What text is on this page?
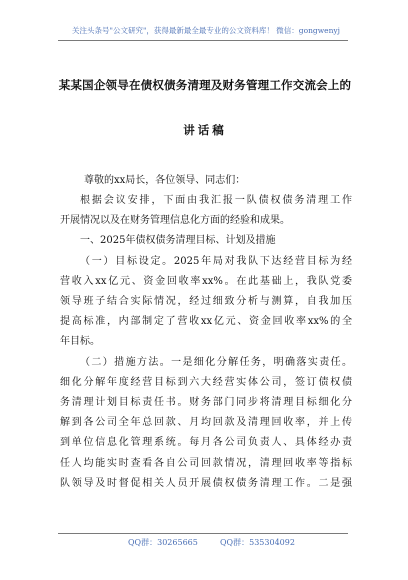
关注头条号"公文研究"，获得最新最全最专业的公文资料库！ 微信：gongwenyj
某某国企领导在债权债务清理及财务管理工作交流会上的
讲话稿
尊敬的xx局长，各位领导、同志们：
根据会议安排，下面由我汇报一队债权债务清理工作
开展情况以及在财务管理信息化方面的经验和成果。
一、2025年债权债务清理目标、计划及措施
（一）目标设定。2025年局对我队下达经营目标为经
营收入xx亿元、资金回收率xx%。在此基础上，我队党委
领导班子结合实际情况，经过细致分析与测算，自我加压
提高标准，内部制定了营收xx亿元、资金回收率xx%的全
年目标。
（二）措施方法。一是细化分解任务，明确落实责任。
细化分解年度经营目标到六大经营实体公司，签订债权债
务清理计划目标责任书。财务部门同步将清理目标细化分
解到各公司全年总回款、月均回款及清理回收率，并上传
到单位信息化管理系统。每月各公司负责人、具体经办责
任人均能实时查看各自公司回款情况，清理回收率等指标
队领导及时督促相关人员开展债权债务清理工作。二是强
QQ群：30265665	QQ群：535304092
